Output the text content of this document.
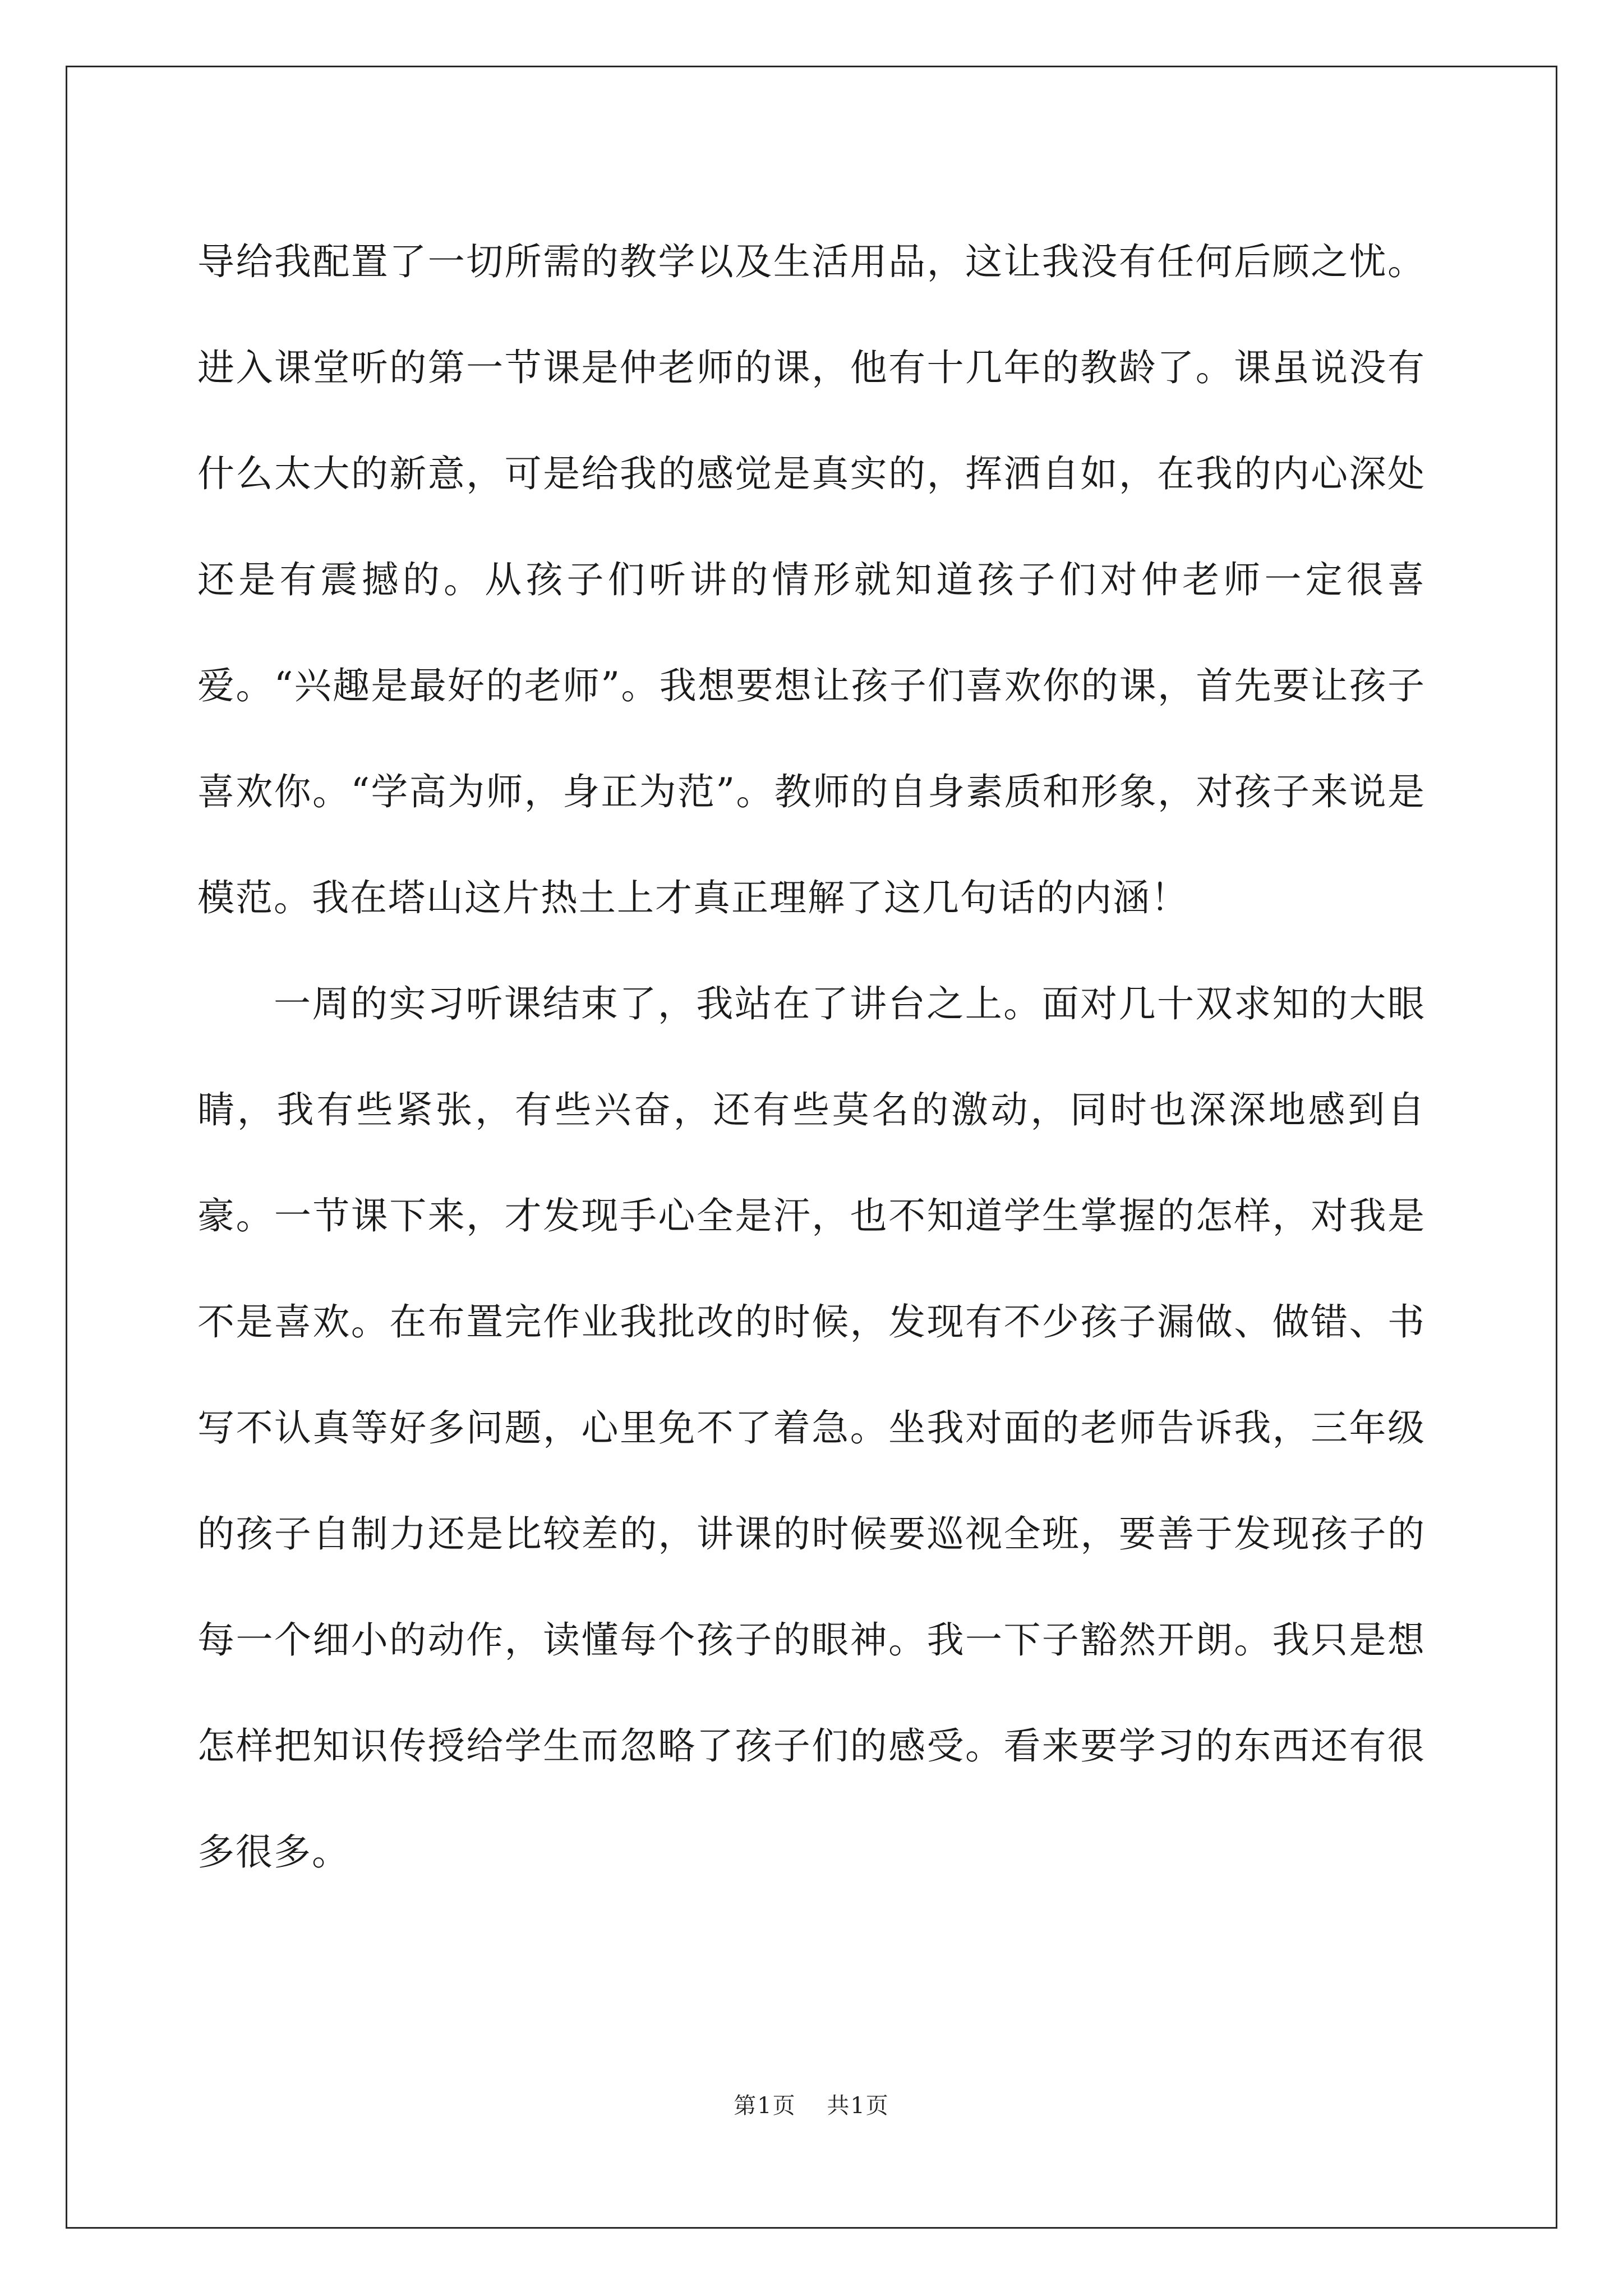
导给我配置了一切所需的教学以及生活用品，这让我没有任何后顾之忧。进入课堂听的第一节课是仲老师的课，他有十几年的教龄了。课虽说没有什么太大的新意，可是给我的感觉是真实的，挥洒自如，在我的内心深处还是有震撼的。从孩子们听讲的情形就知道孩子们对仲老师一定很喜爱。“兴趣是最好的老师”。我想要想让孩子们喜欢你的课，首先要让孩子喜欢你。“学高为师，身正为范”。教师的自身素质和形象，对孩子来说是模范。我在塔山这片热土上才真正理解了这几句话的内涵！

一周的实习听课结束了，我站在了讲台之上。面对几十双求知的大眼睛，我有些紧张，有些兴奋，还有些莫名的激动，同时也深深地感到自豪。一节课下来，才发现手心全是汗，也不知道学生掌握的怎样，对我是不是喜欢。在布置完作业我批改的时候，发现有不少孩子漏做、做错、书写不认真等好多问题，心里免不了着急。坐我对面的老师告诉我，三年级的孩子自制力还是比较差的，讲课的时候要巡视全班，要善于发现孩子的每一个细小的动作，读懂每个孩子的眼神。我一下子豁然开朗。我只是想怎样把知识传授给学生而忽略了孩子们的感受。看来要学习的东西还有很多很多。

第1页 共1页
